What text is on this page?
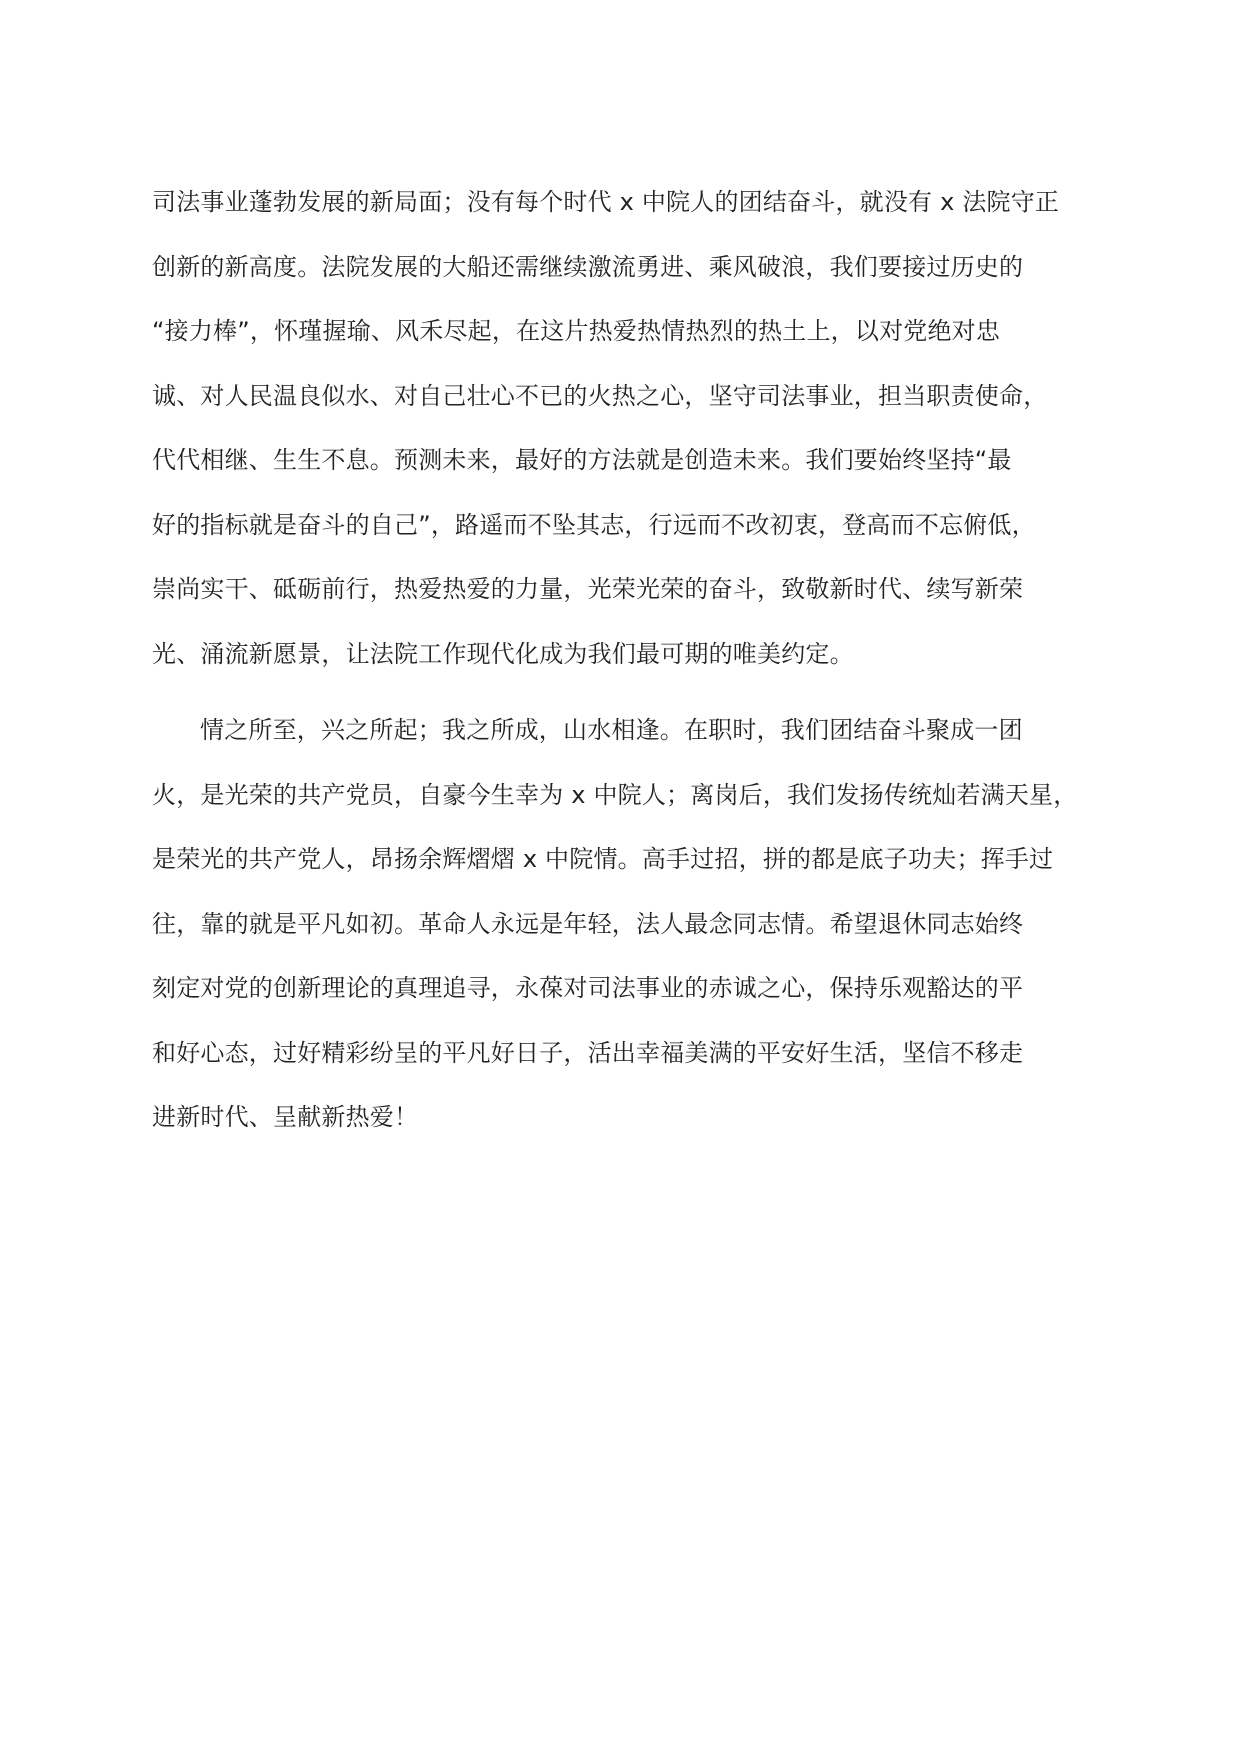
司法事业蓬勃发展的新局面；没有每个时代 x 中院人的团结奋斗，就没有 x 法院守正
创新的新高度。法院发展的大船还需继续激流勇进、乘风破浪，我们要接过历史的
“接力棒”，怀瑾握瑜、风禾尽起，在这片热爱热情热烈的热土上，以对党绝对忠
诚、对人民温良似水、对自己壮心不已的火热之心，坚守司法事业，担当职责使命，
代代相继、生生不息。预测未来，最好的方法就是创造未来。我们要始终坚持“最
好的指标就是奋斗的自己”，路遥而不坠其志，行远而不改初衷，登高而不忘俯低，
崇尚实干、砥砺前行，热爱热爱的力量，光荣光荣的奋斗，致敬新时代、续写新荣
光、涌流新愿景，让法院工作现代化成为我们最可期的唯美约定。
情之所至，兴之所起；我之所成，山水相逢。在职时，我们团结奋斗聚成一团
火，是光荣的共产党员，自豪今生幸为 x 中院人；离岗后，我们发扬传统灿若满天星，
是荣光的共产党人，昂扬余辉熠熠 x 中院情。高手过招，拼的都是底子功夫；挥手过
往，靠的就是平凡如初。革命人永远是年轻，法人最念同志情。希望退休同志始终
刻定对党的创新理论的真理追寻，永葆对司法事业的赤诚之心，保持乐观豁达的平
和好心态，过好精彩纷呈的平凡好日子，活出幸福美满的平安好生活，坚信不移走
进新时代、呈献新热爱！
